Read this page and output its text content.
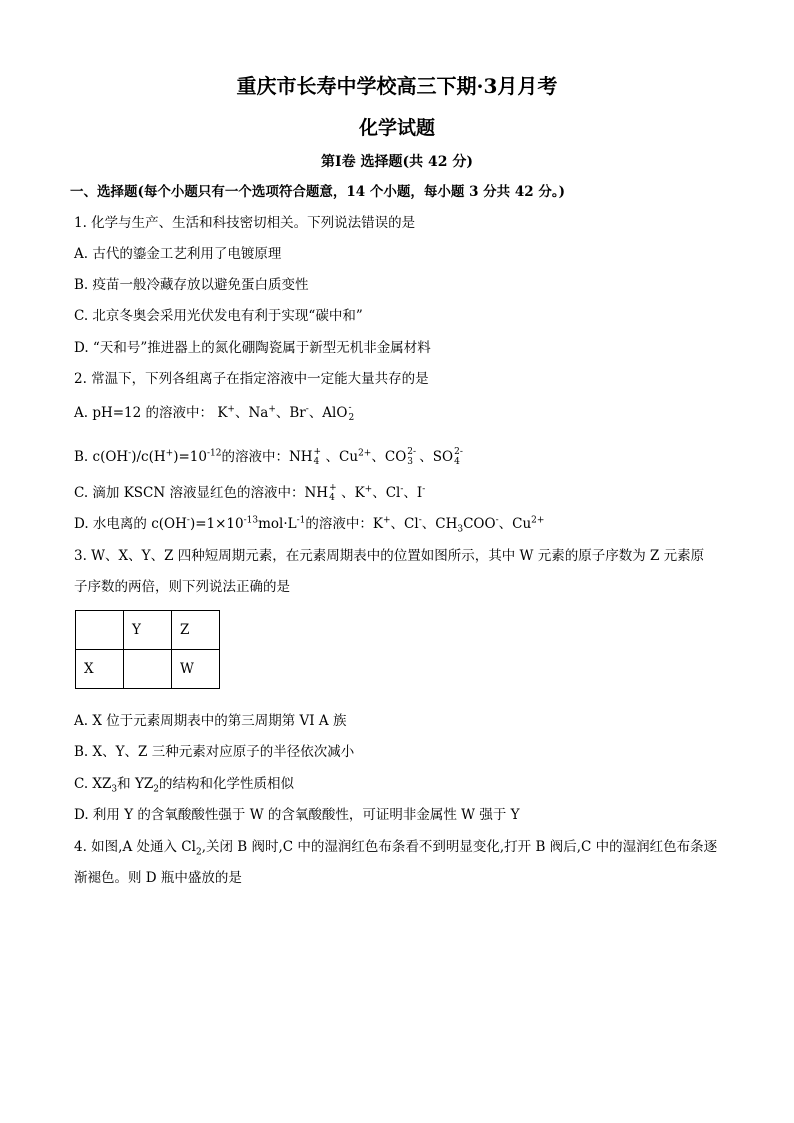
重庆市长寿中学校高三下期·3月月考
化学试题
第Ⅰ卷 选择题(共 42 分)
一、选择题(每个小题只有一个选项符合题意，14 个小题，每小题 3 分共 42 分。)
1. 化学与生产、生活和科技密切相关。下列说法错误的是
A. 古代的鎏金工艺利用了电镀原理
B. 疫苗一般冷藏存放以避免蛋白质变性
C. 北京冬奥会采用光伏发电有利于实现“碳中和”
D. “天和号”推进器上的氮化硼陶瓷属于新型无机非金属材料
2. 常温下，下列各组离子在指定溶液中一定能大量共存的是
A. pH=12 的溶液中： K+、Na+、Br-、AlO -
2
B. $c(OH^-)/c(H^+)=10^{-12}$的溶液中：NH +
4 、$Cu^{2+}$、CO 2-
3 、SO 2-
4
C. 滴加 KSCN 溶液显红色的溶液中：NH +
4 、K+、Cl-、I-
D. 水电离的 $c(OH^-)=1\times 10^{-13}mol\cdot L^{-1}$的溶液中：K+、Cl-、$CH_3COO^-$、$Cu^{2+}$
3. W、X、Y、Z 四种短周期元素，在元素周期表中的位置如图所示，其中 W 元素的原子序数为 Z 元素原
子序数的两倍，则下列说法正确的是
	Y	Z
X		W
A. X 位于元素周期表中的第三周期第 VI A 族
B. X、Y、Z 三种元素对应原子的半径依次减小
C. $XZ_3$和 $YZ_2$的结构和化学性质相似
D. 利用 Y 的含氧酸酸性强于 W 的含氧酸酸性，可证明非金属性 W 强于 Y
4. 如图,A 处通入 $Cl_2$,关闭 B 阀时,C 中的湿润红色布条看不到明显变化,打开 B 阀后,C 中的湿润红色布条逐
渐褪色。则 D 瓶中盛放的是
